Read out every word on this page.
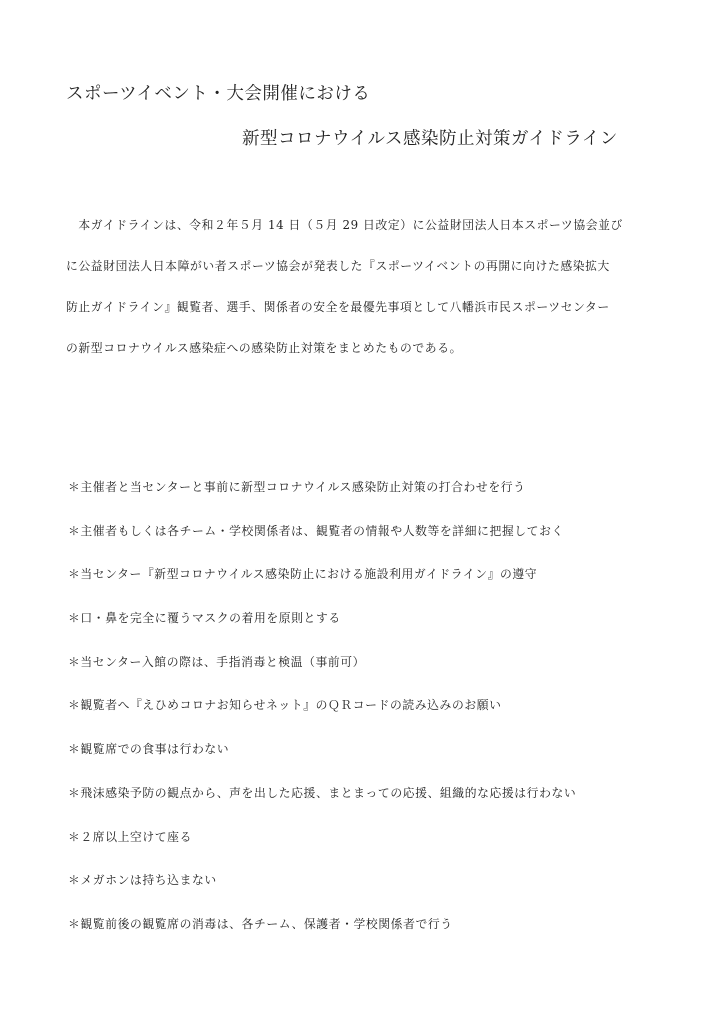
スポーツイベント・大会開催における
新型コロナウイルス感染防止対策ガイドライン
　本ガイドラインは、令和２年５月 14 日（５月 29 日改定）に公益財団法人日本スポーツ協会並び
に公益財団法人日本障がい者スポーツ協会が発表した『スポーツイベントの再開に向けた感染拡大
防止ガイドライン』観覧者、選手、関係者の安全を最優先事項として八幡浜市民スポーツセンター
の新型コロナウイルス感染症への感染防止対策をまとめたものである。
＊主催者と当センターと事前に新型コロナウイルス感染防止対策の打合わせを行う
＊主催者もしくは各チーム・学校関係者は、観覧者の情報や人数等を詳細に把握しておく
＊当センター『新型コロナウイルス感染防止における施設利用ガイドライン』の遵守
＊口・鼻を完全に覆うマスクの着用を原則とする
＊当センター入館の際は、手指消毒と検温（事前可）
＊観覧者へ『えひめコロナお知らせネット』のＱＲコードの読み込みのお願い
＊観覧席での食事は行わない
＊飛沫感染予防の観点から、声を出した応援、まとまっての応援、組織的な応援は行わない
＊２席以上空けて座る
＊メガホンは持ち込まない
＊観覧前後の観覧席の消毒は、各チーム、保護者・学校関係者で行う
